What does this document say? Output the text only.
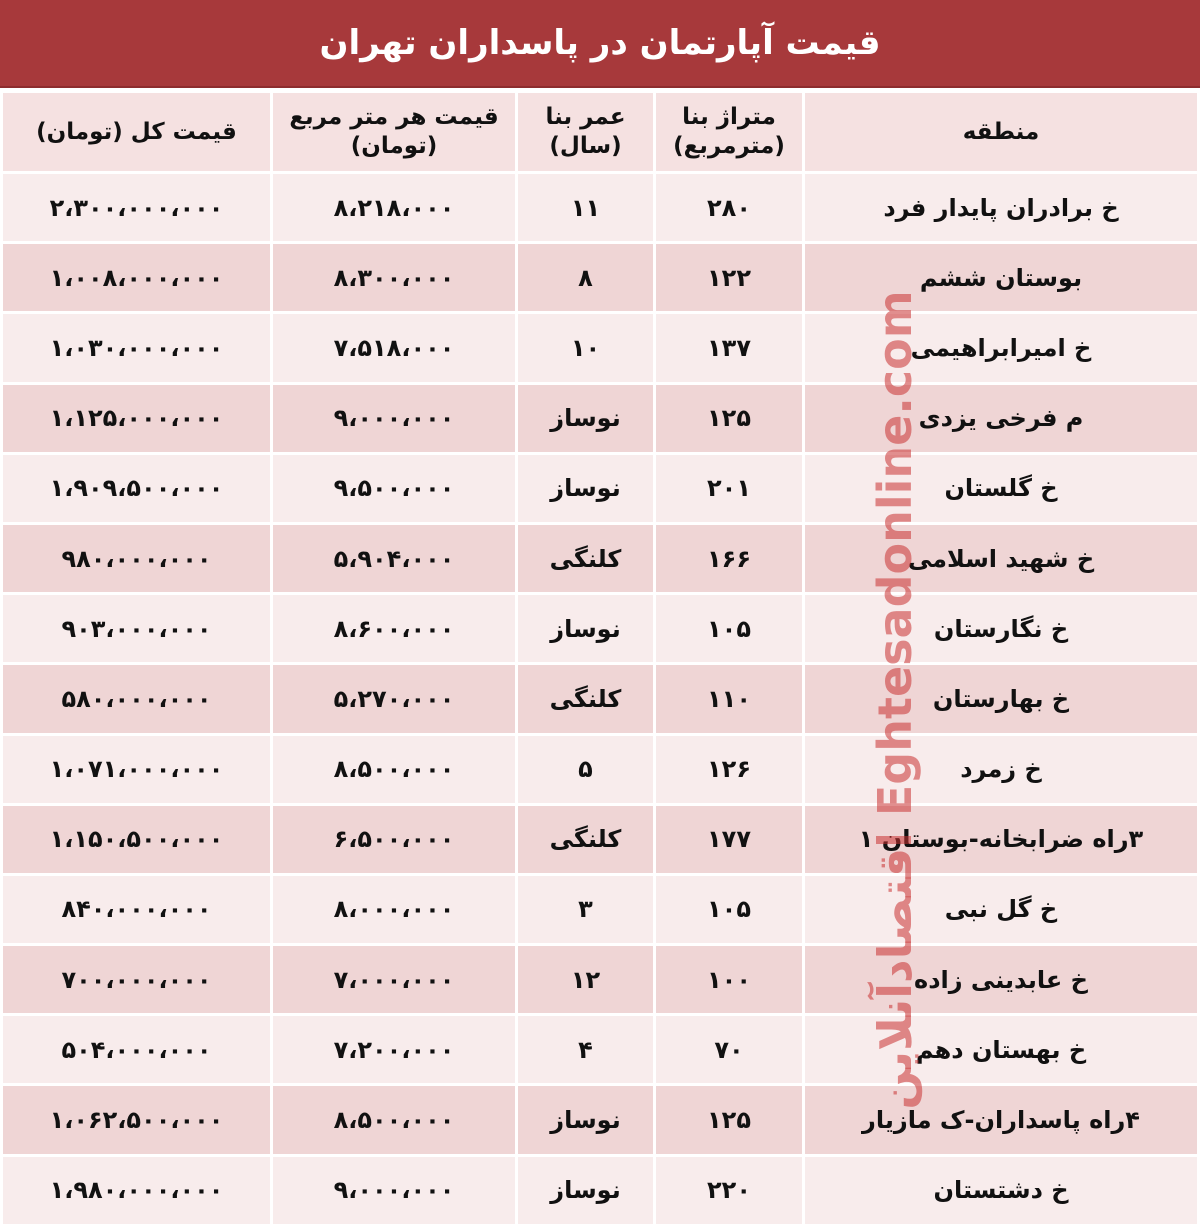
قیمت آپارتمان در پاسداران تهران
منطقه	متراژ بنا (مترمربع)	عمر بنا (سال)	قیمت هر متر مربع (تومان)	قیمت کل (تومان)
خ برادران پایدار فرد	۲۸۰	۱۱	۸،۲۱۸،۰۰۰	۲،۳۰۰،۰۰۰،۰۰۰
بوستان ششم	۱۲۲	۸	۸،۳۰۰،۰۰۰	۱،۰۰۸،۰۰۰،۰۰۰
خ امیرابراهیمی	۱۳۷	۱۰	۷،۵۱۸،۰۰۰	۱،۰۳۰،۰۰۰،۰۰۰
م فرخی یزدی	۱۲۵	نوساز	۹،۰۰۰،۰۰۰	۱،۱۲۵،۰۰۰،۰۰۰
خ گلستان	۲۰۱	نوساز	۹،۵۰۰،۰۰۰	۱،۹۰۹،۵۰۰،۰۰۰
خ شهید اسلامی	۱۶۶	کلنگی	۵،۹۰۴،۰۰۰	۹۸۰،۰۰۰،۰۰۰
خ نگارستان	۱۰۵	نوساز	۸،۶۰۰،۰۰۰	۹۰۳،۰۰۰،۰۰۰
خ بهارستان	۱۱۰	کلنگی	۵،۲۷۰،۰۰۰	۵۸۰،۰۰۰،۰۰۰
خ زمرد	۱۲۶	۵	۸،۵۰۰،۰۰۰	۱،۰۷۱،۰۰۰،۰۰۰
۳راه ضرابخانه-بوستان ۱	۱۷۷	کلنگی	۶،۵۰۰،۰۰۰	۱،۱۵۰،۵۰۰،۰۰۰
خ گل نبی	۱۰۵	۳	۸،۰۰۰،۰۰۰	۸۴۰،۰۰۰،۰۰۰
خ عابدینی زاده	۱۰۰	۱۲	۷،۰۰۰،۰۰۰	۷۰۰،۰۰۰،۰۰۰
خ بهستان دهم	۷۰	۴	۷،۲۰۰،۰۰۰	۵۰۴،۰۰۰،۰۰۰
۴راه پاسداران-ک مازیار	۱۲۵	نوساز	۸،۵۰۰،۰۰۰	۱،۰۶۲،۵۰۰،۰۰۰
خ دشتستان	۲۲۰	نوساز	۹،۰۰۰،۰۰۰	۱،۹۸۰،۰۰۰،۰۰۰
اقتصادآنلاین Eghtesadonline.com
